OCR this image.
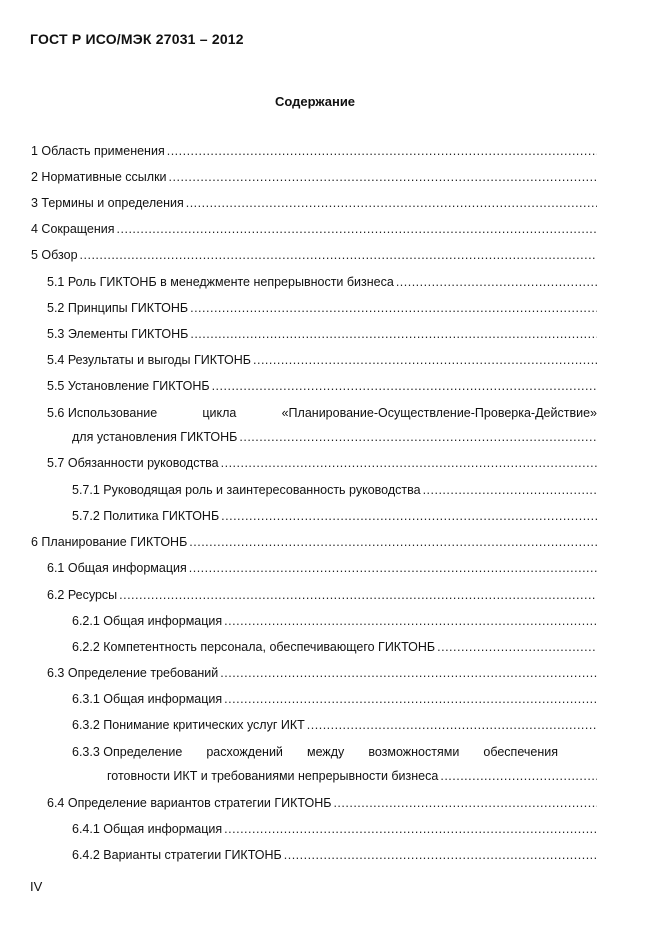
ГОСТ Р ИСО/МЭК 27031 – 2012
Содержание
1 Область применения
.....
2 Нормативные ссылки
.....
3 Термины и определения
.....
4 Сокращения
.....
5 Обзор
.....
5.1 Роль ГИКТОНБ в менеджменте непрерывности бизнеса
.....
5.2 Принципы ГИКТОНБ
.....
5.3 Элементы ГИКТОНБ
.....
5.4 Результаты и выгоды ГИКТОНБ
.....
5.5 Установление ГИКТОНБ
.....
5.6 Использование	цикла	«Планирование-Осуществление-Проверка-Действие»
для установления ГИКТОНБ
.....
5.7 Обязанности руководства
.....
5.7.1 Руководящая роль и заинтересованность руководства
.....
5.7.2 Политика ГИКТОНБ
.....
6 Планирование ГИКТОНБ
.....
6.1 Общая информация
.....
6.2 Ресурсы
.....
6.2.1 Общая информация
.....
6.2.2 Компетентность персонала, обеспечивающего ГИКТОНБ
.....
6.3 Определение требований
.....
6.3.1 Общая информация
.....
6.3.2 Понимание критических услуг ИКТ
.....
6.3.3 Определение расхождений между возможностями обеспечения
готовности ИКТ и требованиями непрерывности бизнеса
.....
6.4 Определение вариантов стратегии ГИКТОНБ
.....
6.4.1 Общая информация
.....
6.4.2 Варианты стратегии ГИКТОНБ
.....
IV
